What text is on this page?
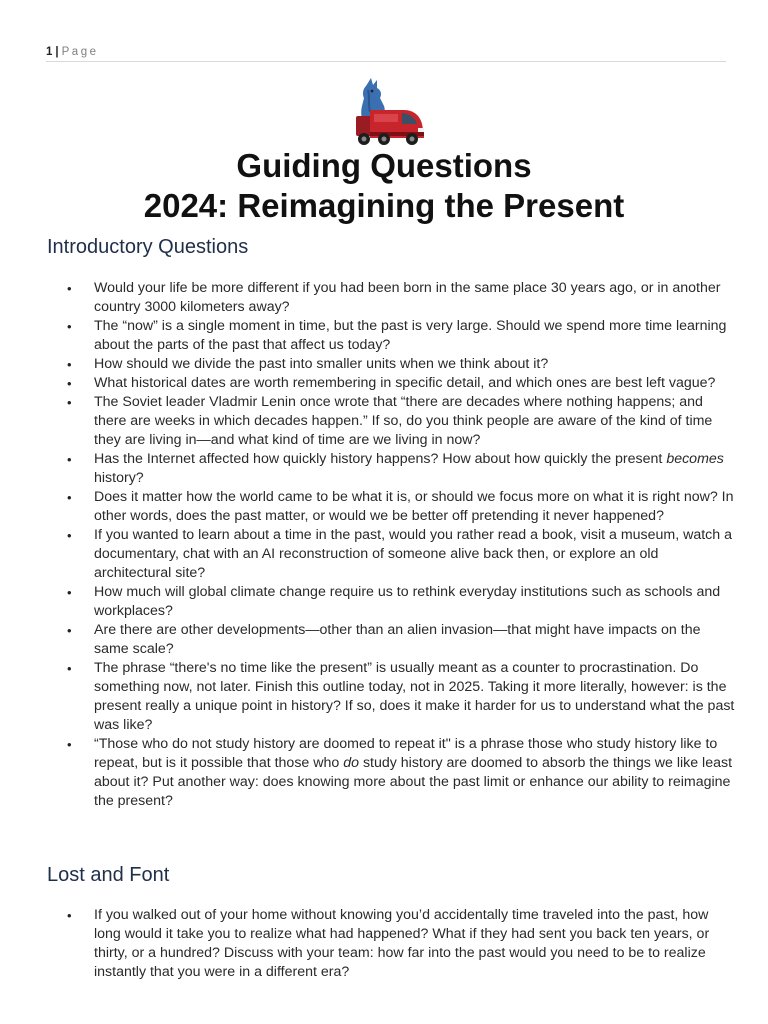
1 | Page
Guiding Questions
2024: Reimagining the Present
Introductory Questions
• Would your life be more different if you had been born in the same place 30 years ago, or in another country 3000 kilometers away?
• The “now” is a single moment in time, but the past is very large. Should we spend more time learning about the parts of the past that affect us today?
• How should we divide the past into smaller units when we think about it?
• What historical dates are worth remembering in specific detail, and which ones are best left vague?
• The Soviet leader Vladmir Lenin once wrote that “there are decades where nothing happens; and there are weeks in which decades happen.” If so, do you think people are aware of the kind of time they are living in—and what kind of time are we living in now?
• Has the Internet affected how quickly history happens? How about how quickly the present becomes history?
• Does it matter how the world came to be what it is, or should we focus more on what it is right now? In other words, does the past matter, or would we be better off pretending it never happened?
• If you wanted to learn about a time in the past, would you rather read a book, visit a museum, watch a documentary, chat with an AI reconstruction of someone alive back then, or explore an old architectural site?
• How much will global climate change require us to rethink everyday institutions such as schools and workplaces?
• Are there are other developments—other than an alien invasion—that might have impacts on the same scale?
• The phrase “there's no time like the present” is usually meant as a counter to procrastination. Do something now, not later. Finish this outline today, not in 2025. Taking it more literally, however: is the present really a unique point in history? If so, does it make it harder for us to understand what the past was like?
• “Those who do not study history are doomed to repeat it" is a phrase those who study history like to repeat, but is it possible that those who do study history are doomed to absorb the things we like least about it? Put another way: does knowing more about the past limit or enhance our ability to reimagine the present?
Lost and Font
• If you walked out of your home without knowing you’d accidentally time traveled into the past, how long would it take you to realize what had happened? What if they had sent you back ten years, or thirty, or a hundred? Discuss with your team: how far into the past would you need to be to realize instantly that you were in a different era?
